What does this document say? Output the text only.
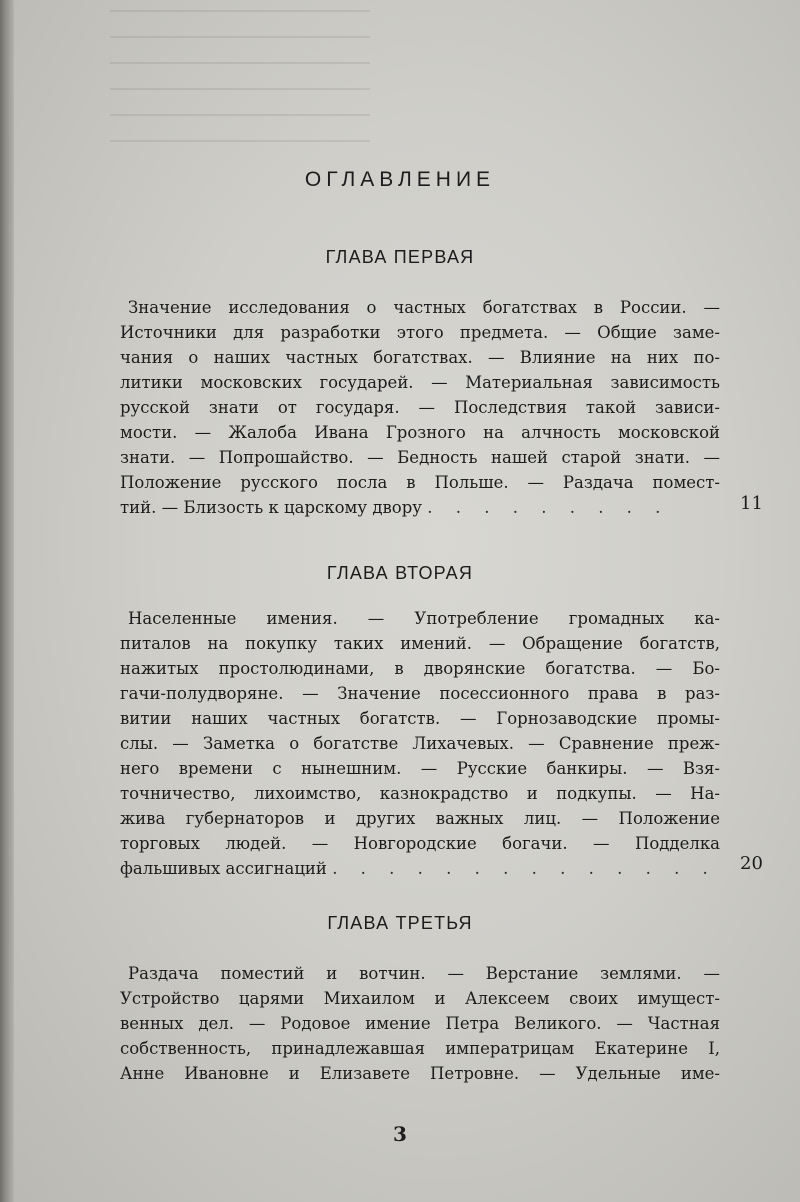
ОГЛАВЛЕНИЕ
ГЛАВА ПЕРВАЯ
Значение исследования о частных богатствах в России. —
Источники для разработки этого предмета. — Общие заме-
чания о наших частных богатствах. — Влияние на них по-
литики московских государей. — Материальная зависимость
русской знати от государя. — Последствия такой зависи-
мости. — Жалоба Ивана Грозного на алчность московской
знати. — Попрошайство. — Бедность нашей старой знати. —
Положение русского посла в Польше. — Раздача помест-
тий. — Близость к царскому двору . . . . . . . . .	11
ГЛАВА ВТОРАЯ
Населенные имения. — Употребление громадных ка-
питалов на покупку таких имений. — Обращение богатств,
нажитых простолюдинами, в дворянские богатства. — Бо-
гачи-полудворяне. — Значение посессионного права в раз-
витии наших частных богатств. — Горнозаводские промы-
слы. — Заметка о богатстве Лихачевых. — Сравнение преж-
него времени с нынешним. — Русские банкиры. — Взя-
точничество, лихоимство, казнокрадство и подкупы. — На-
жива губернаторов и других важных лиц. — Положение
торговых людей. — Новгородские богачи. — Подделка
фальшивых ассигнаций . . . . . . . . . . . . . . 20
ГЛАВА ТРЕТЬЯ
Раздача поместий и вотчин. — Верстание землями. —
Устройство царями Михаилом и Алексеем своих имущест-
венных дел. — Родовое имение Петра Великого. — Частная
собственность, принадлежавшая императрицам Екатерине I,
Анне Ивановне и Елизавете Петровне. — Удельные име-
3
